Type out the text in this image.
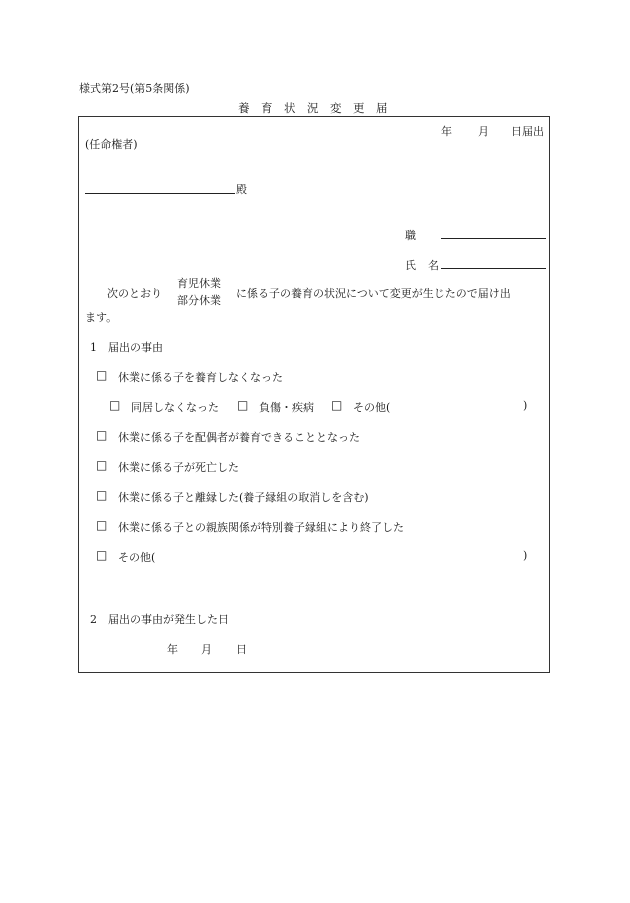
様式第2号(第5条関係)
養 育 状 況 変 更 届
年 月 日届出
(任命権者)
殿
職
氏 名
次のとおり
育児休業
部分休業
に係る子の養育の状況について変更が生じたので届け出
ます。
1　届出の事由
□ 休業に係る子を養育しなくなった
□ 同居しなくなった □ 負傷・疾病 □ その他(	)
□ 休業に係る子を配偶者が養育できることとなった
□ 休業に係る子が死亡した
□ 休業に係る子と離縁した(養子縁組の取消しを含む)
□ 休業に係る子との親族関係が特別養子縁組により終了した
□ その他(	)
2　届出の事由が発生した日
年 月 日
